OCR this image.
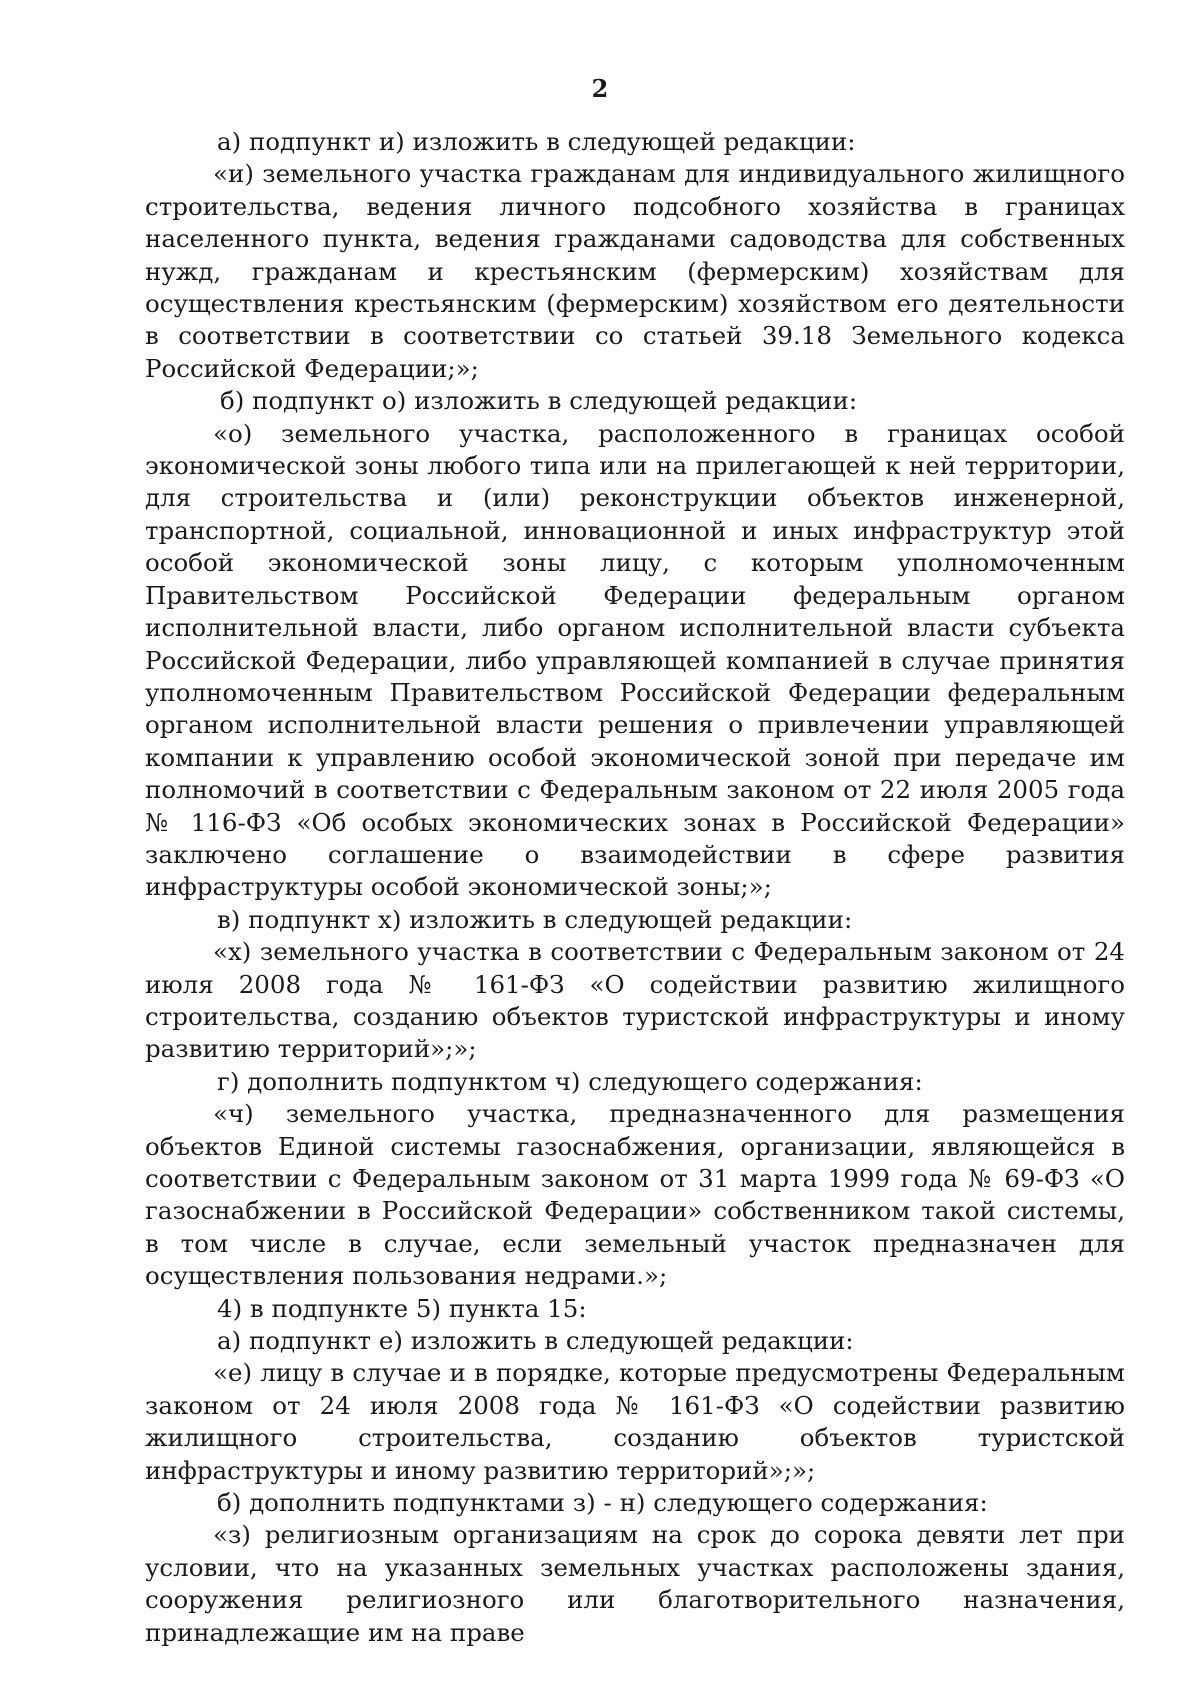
2

а) подпункт и) изложить в следующей редакции:

«и) земельного участка гражданам для индивидуального жилищного строительства, ведения личного подсобного хозяйства в границах населенного пункта, ведения гражданами садоводства для собственных нужд, гражданам и крестьянским (фермерским) хозяйствам для осуществления крестьянским (фермерским) хозяйством его деятельности в соответствии в соответствии со статьей 39.18 Земельного кодекса Российской Федерации;»;

б) подпункт о) изложить в следующей редакции:

«о) земельного участка, расположенного в границах особой экономической зоны любого типа или на прилегающей к ней территории, для строительства и (или) реконструкции объектов инженерной, транспортной, социальной, инновационной и иных инфраструктур этой особой экономической зоны лицу, с которым уполномоченным Правительством Российской Федерации федеральным органом исполнительной власти, либо органом исполнительной власти субъекта Российской Федерации, либо управляющей компанией в случае принятия уполномоченным Правительством Российской Федерации федеральным органом исполнительной власти решения о привлечении управляющей компании к управлению особой экономической зоной при передаче им полномочий в соответствии с Федеральным законом от 22 июля 2005 года № 116-ФЗ «Об особых экономических зонах в Российской Федерации» заключено соглашение о взаимодействии в сфере развития инфраструктуры особой экономической зоны;»;

в) подпункт х) изложить в следующей редакции:

«х) земельного участка в соответствии с Федеральным законом от 24 июля 2008 года № 161-ФЗ «О содействии развитию жилищного строительства, созданию объектов туристской инфраструктуры и иному развитию территорий»;»;

г) дополнить подпунктом ч) следующего содержания:

«ч) земельного участка, предназначенного для размещения объектов Единой системы газоснабжения, организации, являющейся в соответствии с Федеральным законом от 31 марта 1999 года № 69-ФЗ «О газоснабжении в Российской Федерации» собственником такой системы, в том числе в случае, если земельный участок предназначен для осуществления пользования недрами.»;

4) в подпункте 5) пункта 15:

а) подпункт е) изложить в следующей редакции:

«е) лицу в случае и в порядке, которые предусмотрены Федеральным законом от 24 июля 2008 года № 161-ФЗ «О содействии развитию жилищного строительства, созданию объектов туристской инфраструктуры и иному развитию территорий»;»;

б) дополнить подпунктами з) - н) следующего содержания:

«з) религиозным организациям на срок до сорока девяти лет при условии, что на указанных земельных участках расположены здания, сооружения религиозного или благотворительного назначения, принадлежащие им на праве
